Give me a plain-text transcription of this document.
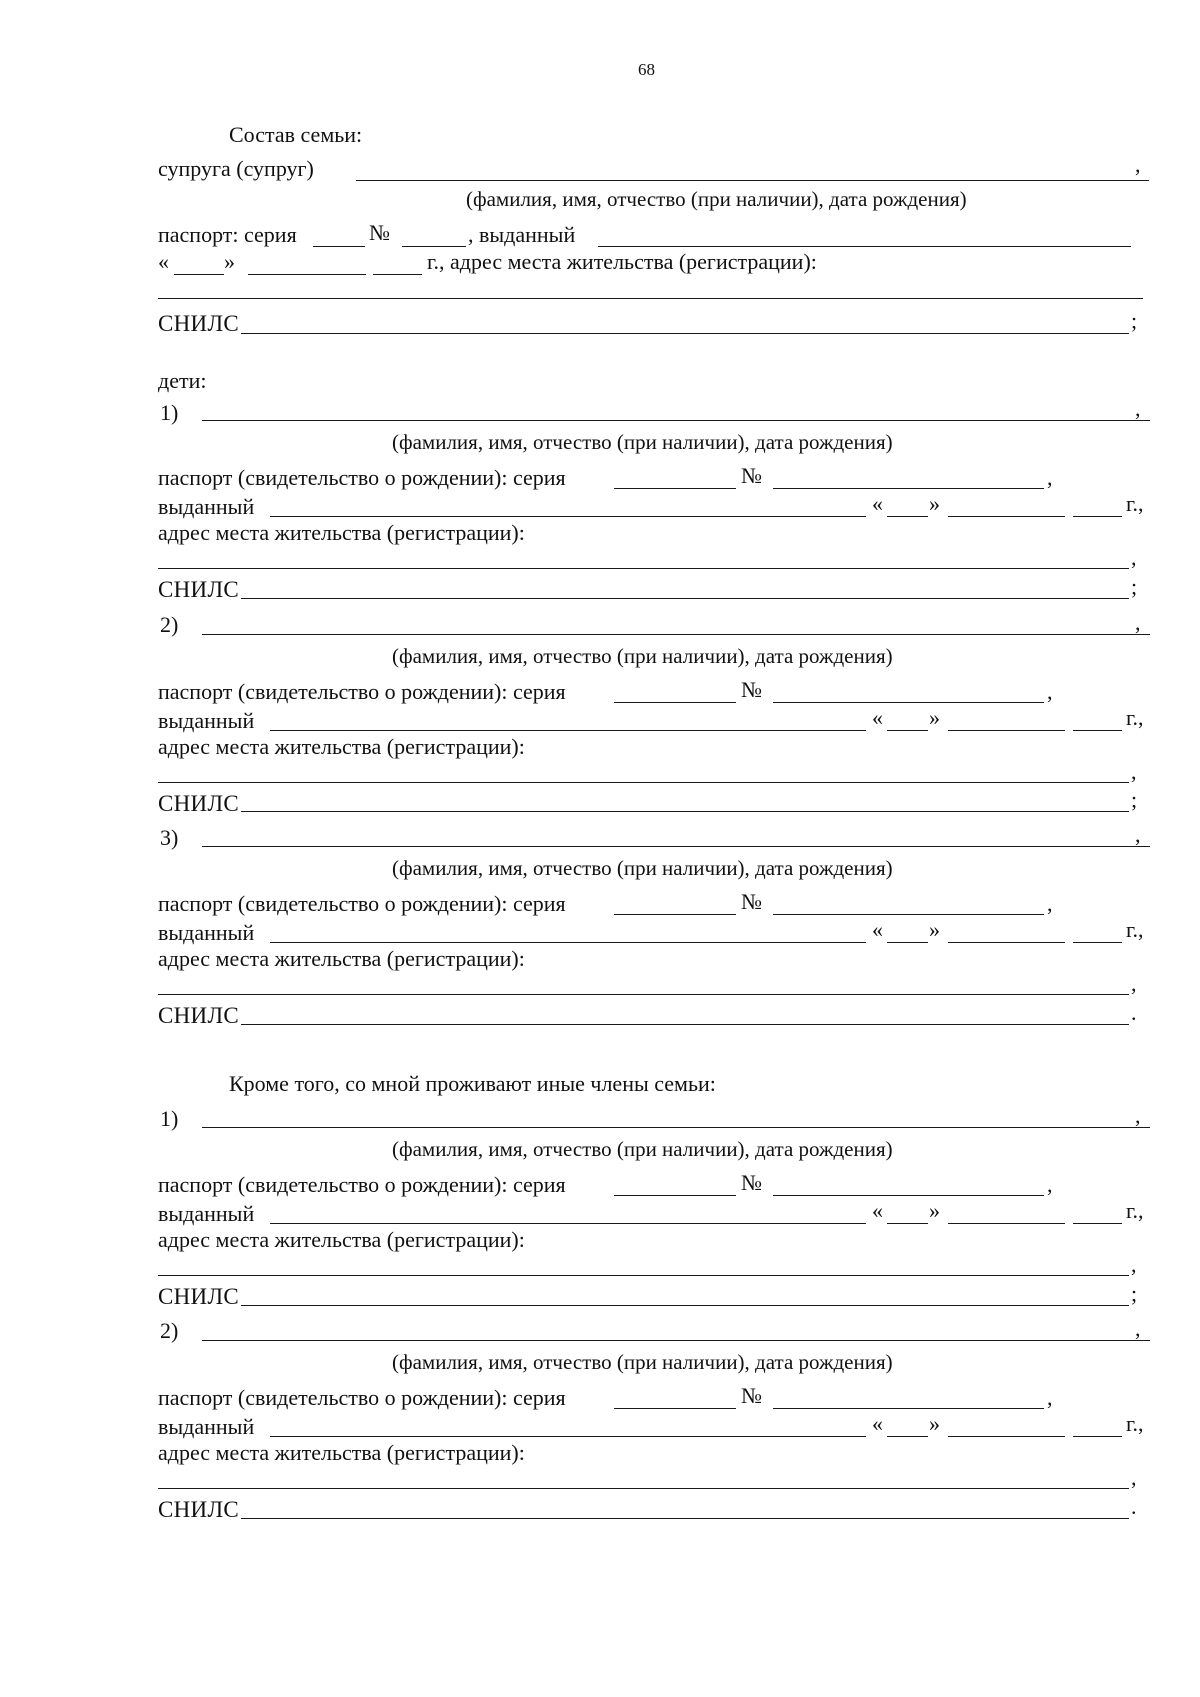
68
Состав семьи:
супруга (супруг)	,
(фамилия, имя, отчество (при наличии), дата рождения)
паспорт: серия	№	, выданный
«	»	г., адрес места жительства (регистрации):
СНИЛС	;
дети:
1)	,
(фамилия, имя, отчество (при наличии), дата рождения)
паспорт (свидетельство о рождении): серия	№	,
выданный	« »	г.,
адрес места жительства (регистрации):
,
СНИЛС	;
2)	,
(фамилия, имя, отчество (при наличии), дата рождения)
паспорт (свидетельство о рождении): серия	№	,
выданный	« »	г.,
адрес места жительства (регистрации):
,
СНИЛС	;
3)	,
(фамилия, имя, отчество (при наличии), дата рождения)
паспорт (свидетельство о рождении): серия	№	,
выданный	« »	г.,
адрес места жительства (регистрации):
,
СНИЛС	.
Кроме того, со мной проживают иные члены семьи:
1)	,
(фамилия, имя, отчество (при наличии), дата рождения)
паспорт (свидетельство о рождении): серия	№	,
выданный	« »	г.,
адрес места жительства (регистрации):
,
СНИЛС	;
2)	,
(фамилия, имя, отчество (при наличии), дата рождения)
паспорт (свидетельство о рождении): серия	№	,
выданный	« »	г.,
адрес места жительства (регистрации):
,
СНИЛС	.
